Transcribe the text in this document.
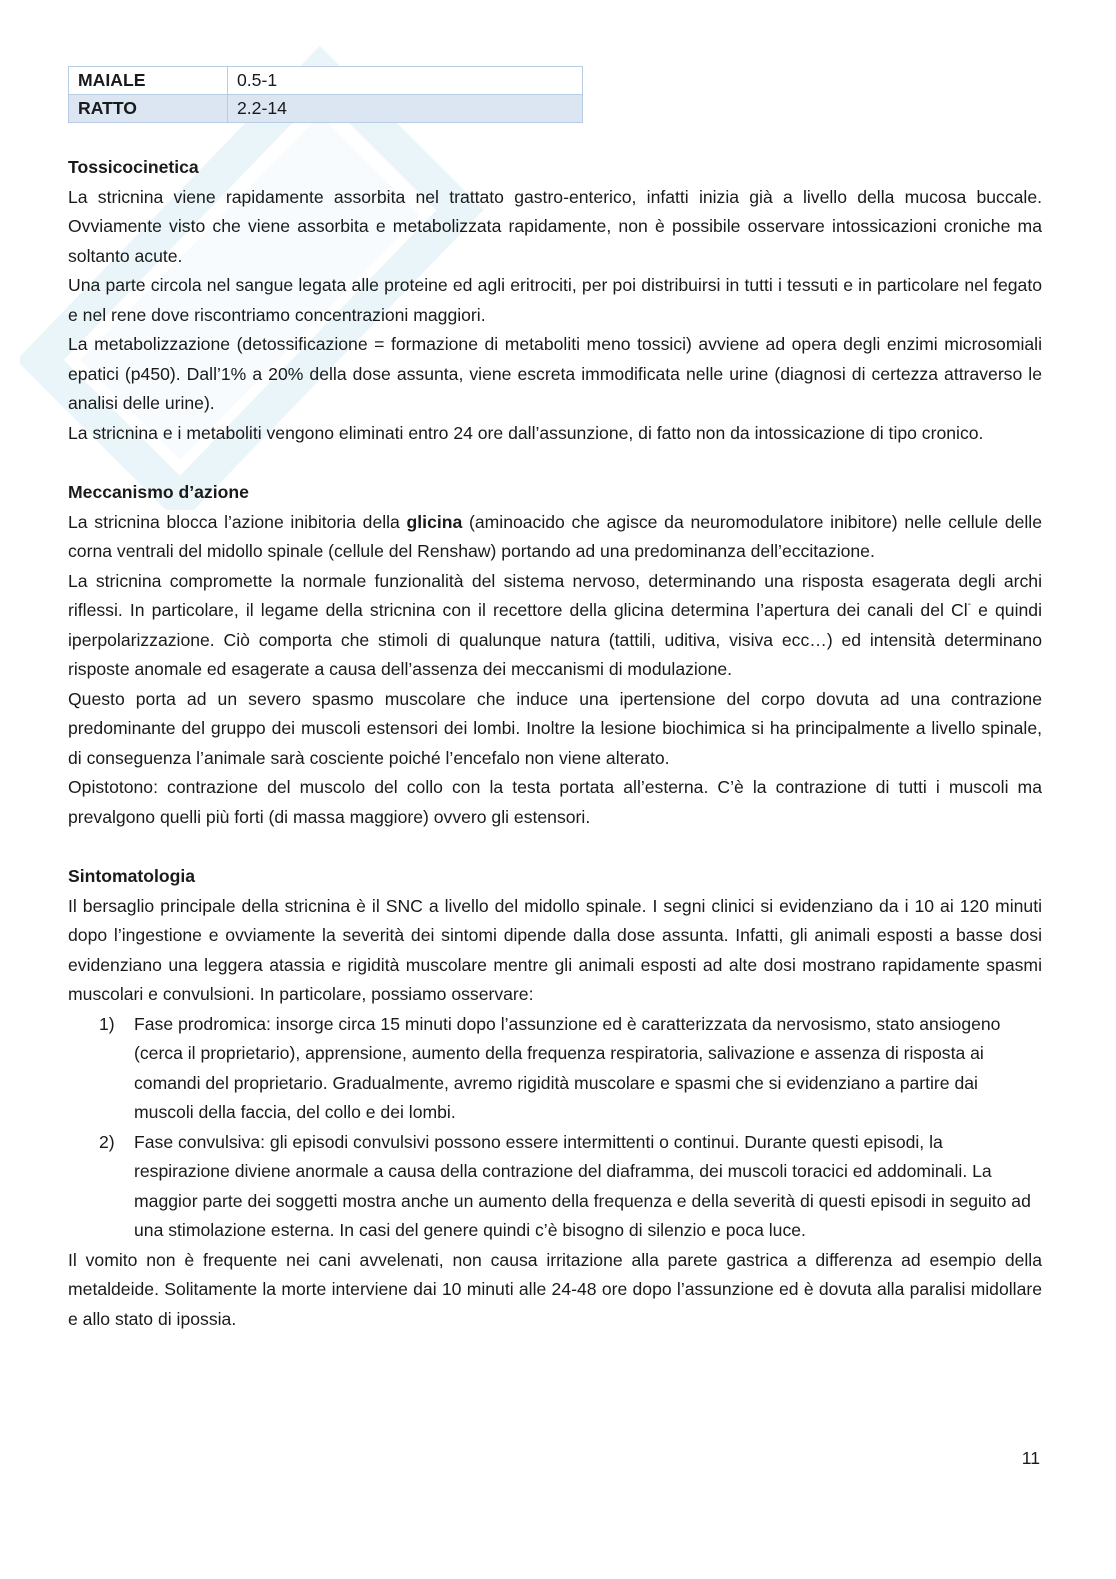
MAIALE	0.5-1
RATTO	2.2-14
Tossicocinetica

La stricnina viene rapidamente assorbita nel trattato gastro-enterico, infatti inizia già a livello della mucosa buccale. Ovviamente visto che viene assorbita e metabolizzata rapidamente, non è possibile osservare intossicazioni croniche ma soltanto acute.

Una parte circola nel sangue legata alle proteine ed agli eritrociti, per poi distribuirsi in tutti i tessuti e in particolare nel fegato e nel rene dove riscontriamo concentrazioni maggiori.

La metabolizzazione (detossificazione = formazione di metaboliti meno tossici) avviene ad opera degli enzimi microsomiali epatici (p450). Dall’1% a 20% della dose assunta, viene escreta immodificata nelle urine (diagnosi di certezza attraverso le analisi delle urine).

La stricnina e i metaboliti vengono eliminati entro 24 ore dall’assunzione, di fatto non da intossicazione di tipo cronico.

Meccanismo d’azione

La stricnina blocca l’azione inibitoria della glicina (aminoacido che agisce da neuromodulatore inibitore) nelle cellule delle corna ventrali del midollo spinale (cellule del Renshaw) portando ad una predominanza dell’eccitazione.

La stricnina compromette la normale funzionalità del sistema nervoso, determinando una risposta esagerata degli archi riflessi. In particolare, il legame della stricnina con il recettore della glicina determina l’apertura dei canali del Cl- e quindi iperpolarizzazione. Ciò comporta che stimoli di qualunque natura (tattili, uditiva, visiva ecc…) ed intensità determinano risposte anomale ed esagerate a causa dell’assenza dei meccanismi di modulazione.

Questo porta ad un severo spasmo muscolare che induce una ipertensione del corpo dovuta ad una contrazione predominante del gruppo dei muscoli estensori dei lombi. Inoltre la lesione biochimica si ha principalmente a livello spinale, di conseguenza l’animale sarà cosciente poiché l’encefalo non viene alterato.

Opistotono: contrazione del muscolo del collo con la testa portata all’esterna. C’è la contrazione di tutti i muscoli ma prevalgono quelli più forti (di massa maggiore) ovvero gli estensori.

Sintomatologia

Il bersaglio principale della stricnina è il SNC a livello del midollo spinale. I segni clinici si evidenziano da i 10 ai 120 minuti dopo l’ingestione e ovviamente la severità dei sintomi dipende dalla dose assunta. Infatti, gli animali esposti a basse dosi evidenziano una leggera atassia e rigidità muscolare mentre gli animali esposti ad alte dosi mostrano rapidamente spasmi muscolari e convulsioni. In particolare, possiamo osservare:

1) Fase prodromica: insorge circa 15 minuti dopo l’assunzione ed è caratterizzata da nervosismo, stato ansiogeno (cerca il proprietario), apprensione, aumento della frequenza respiratoria, salivazione e assenza di risposta ai comandi del proprietario. Gradualmente, avremo rigidità muscolare e spasmi che si evidenziano a partire dai muscoli della faccia, del collo e dei lombi.
2) Fase convulsiva: gli episodi convulsivi possono essere intermittenti o continui. Durante questi episodi, la respirazione diviene anormale a causa della contrazione del diaframma, dei muscoli toracici ed addominali. La maggior parte dei soggetti mostra anche un aumento della frequenza e della severità di questi episodi in seguito ad una stimolazione esterna. In casi del genere quindi c’è bisogno di silenzio e poca luce.

Il vomito non è frequente nei cani avvelenati, non causa irritazione alla parete gastrica a differenza ad esempio della metaldeide. Solitamente la morte interviene dai 10 minuti alle 24-48 ore dopo l’assunzione ed è dovuta alla paralisi midollare e allo stato di ipossia.

11
